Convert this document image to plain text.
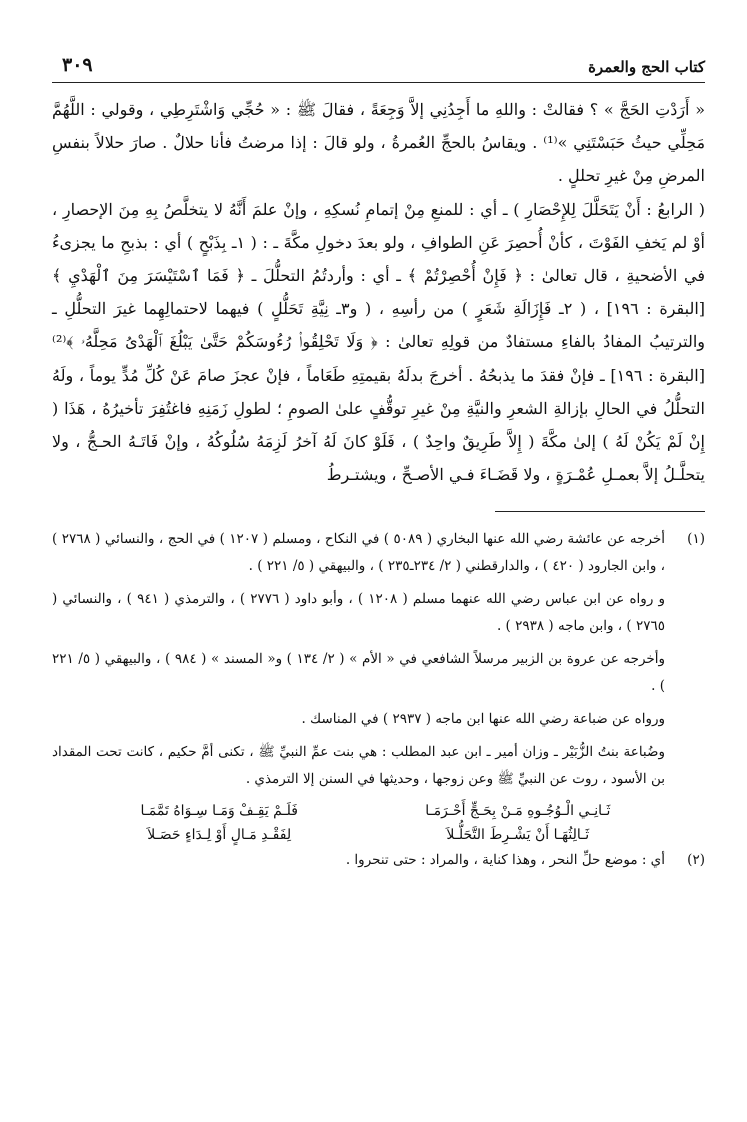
كتاب الحج والعمرة
٣٠٩

« أَرَدْتِ الحَجَّ » ؟ فقالتْ : واللهِ ما أَجِدُنِي إلاَّ وَجِعَةً ، فقالَ ﷺ : « حُجِّي وَاشْتَرِطِي ، وقولي : اللَّهُمَّ مَحِلِّي حيثُ حَبَسْتَنِي »⁽¹⁾ . ويقاسُ بالحجِّ العُمرةُ ، ولو قالَ : إذا مرضتُ فأنا حلالٌ . صارَ حلالاً بنفسِ المرضِ مِنْ غيرِ تحللٍ .

( الرابعُ : أَنْ يَتَحَلَّلَ لِلإِحْصَارِ ) ـ أي : للمنعِ مِنْ إتمامِ نُسكِهِ ، وإنْ علمَ أَنَّهُ لا يتخلَّصُ بِهِ مِنَ الإحصارِ ، أوْ لم يَخفِ الفَوْتَ ، كأنْ أُحصِرَ عَنِ الطوافِ ، ولو بعدَ دخولِ مكَّةَ ـ : ( ١ـ بِذَبْحٍ ) أي : بذبحِ ما يجزىءُ في الأضحيةِ ، قال تعالىٰ : ﴿ فَإِنْ أُحْصِرْتُمْ ﴾ ـ أي : وأردتُمُ التحلُّلَ ـ ﴿ فَمَا ٱسْتَيْسَرَ مِنَ ٱلْهَدْيِ ﴾ [البقرة : ١٩٦] ، ( ٢ـ فَإِزَالَةِ شَعَرٍ ) من رأسِهِ ، ( و٣ـ نِيَّةِ تَحَلُّلٍ ) فيهما لاحتمالِهِما غيرَ التحلُّلِ ـ والترتيبُ المفادُ بالفاءِ مستفادٌ من قولِهِ تعالىٰ : ﴿ وَلَا تَحْلِقُوا۟ رُءُوسَكُمْ حَتَّىٰ يَبْلُغَ ٱلْهَدْىُ مَحِلَّهُۥ ﴾⁽²⁾ [البقرة : ١٩٦] ـ فإنْ فقدَ ما يذبحُهُ . أخرجَ بدلَهُ بقيمتِهِ طَعَاماً ، فإنْ عجزَ صامَ عَنْ كُلِّ مُدٍّ يوماً ، ولَهُ التحلُّلُ في الحالِ بإزالةِ الشعرِ والنيَّةِ مِنْ غيرِ توقُّفٍ علىٰ الصومِ ؛ لطولِ زَمَنِهِ فاغتُفِرَ تأخيرُهُ ، هَذَا ( إِنْ لَمْ يَكُنْ لَهُ ) إلىٰ مكَّةَ ( إِلاَّ طَرِيقٌ واحِدٌ ) ، فَلَوْ كانَ لَهُ آخرُ لَزِمَهُ سُلُوكُهُ ، وإنْ فَاتَـهُ الحـجُّ ، ولا يتحلَّـلُ إلاَّ بعمـلِ عُمْـرَةٍ ، ولا قَضَـاءَ فـي الأصـحِّ ، ويشتـرطُ

(١)

أخرجه عن عائشة رضي الله عنها البخاري ( ٥٠٨٩ ) في النكاح ، ومسلم ( ١٢٠٧ ) في الحج ، والنسائي ( ٢٧٦٨ ) ، وابن الجارود ( ٤٢٠ ) ، والدارقطني ( ٢/ ٢٣٤ـ٢٣٥ ) ، والبيهقي ( ٥/ ٢٢١ ) .

و رواه عن ابن عباس رضي الله عنهما مسلم ( ١٢٠٨ ) ، وأبو داود ( ٢٧٧٦ ) ، والترمذي ( ٩٤١ ) ، والنسائي ( ٢٧٦٥ ) ، وابن ماجه ( ٢٩٣٨ ) .

وأخرجه عن عروة بن الزبير مرسلاً الشافعي في « الأم » ( ٢/ ١٣٤ ) و« المسند » ( ٩٨٤ ) ، والبيهقي ( ٥/ ٢٢١ ) .

ورواه عن ضباعة رضي الله عنها ابن ماجه ( ٢٩٣٧ ) في المناسك .

وضُباعة بنتُ الزُّبَيْر ـ وزان أمير ـ ابن عبد المطلب : هي بنت عمِّ النبيِّ ﷺ ، تكنى أمَّ حكيم ، كانت تحت المقداد بن الأسود ، روت عن النبيِّ ﷺ وعن زوجها ، وحديثها في السنن إلا الترمذي .

ثَـانِـي الْـوُجُـوهِ مَـنْ بِحَـجٍّ أَحْـرَمَـا
فَلَـمْ يَقِـفْ وَمَـا سِـوَاهُ تَمَّمَـا
ثَـالِثُهَـا أَنْ يَشْـرِطَ التَّحَلُّـلاَ
لِفَقْـدِ مَـالٍ أَوْ لِـدَاءٍ حَصَـلاَ
(٢)

أي : موضع حلِّ النحر ، وهذا كناية ، والمراد : حتى تنحروا .
